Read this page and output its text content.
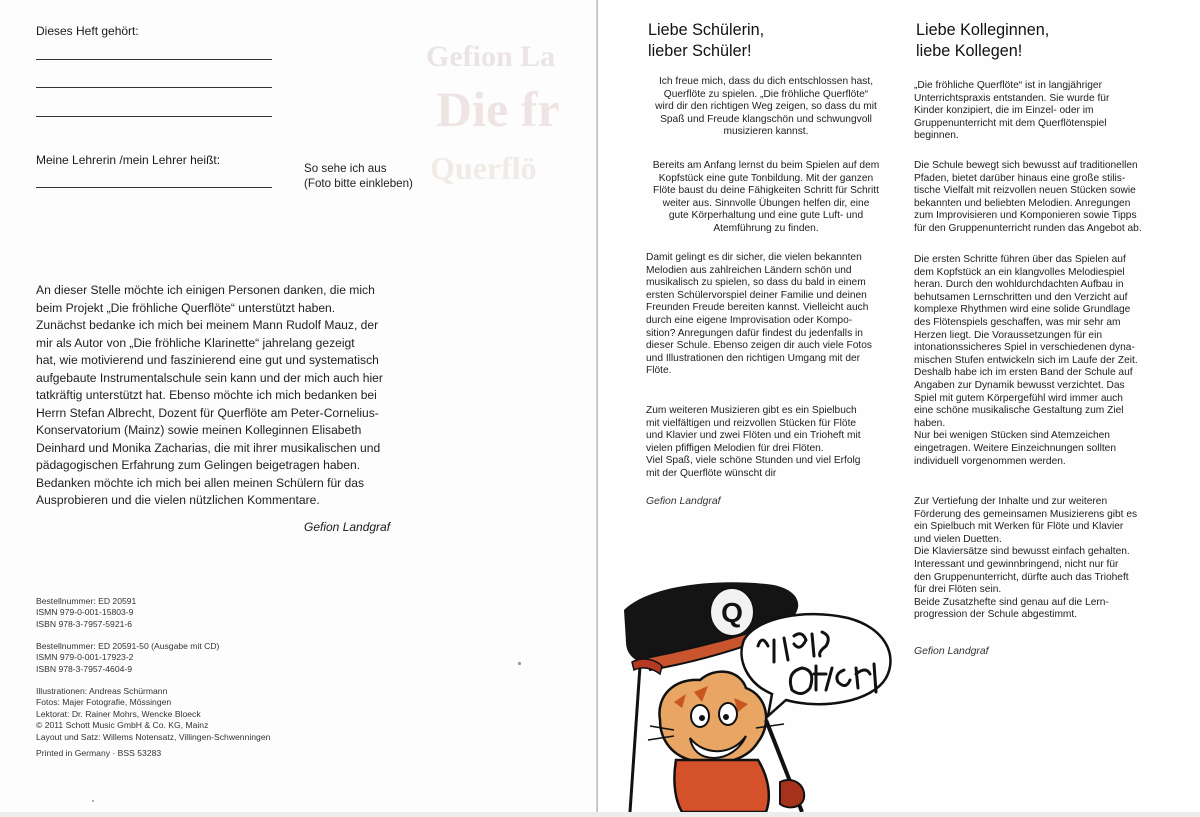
Dieses Heft gehört:
Meine Lehrerin /mein Lehrer heißt:
So sehe ich aus
(Foto bitte einkleben)
Gefion La
Die fr
Querflö

An dieser Stelle möchte ich einigen Personen danken, die mich
beim Projekt „Die fröhliche Querflöte“ unterstützt haben.
Zunächst bedanke ich mich bei meinem Mann Rudolf Mauz, der
mir als Autor von „Die fröhliche Klarinette“ jahrelang gezeigt
hat, wie motivierend und faszinierend eine gut und systematisch
aufgebaute Instrumentalschule sein kann und der mich auch hier
tatkräftig unterstützt hat. Ebenso möchte ich mich bedanken bei
Herrn Stefan Albrecht, Dozent für Querflöte am Peter-Cornelius-
Konservatorium (Mainz) sowie meinen Kolleginnen Elisabeth
Deinhard und Monika Zacharias, die mit ihrer musikalischen und
pädagogischen Erfahrung zum Gelingen beigetragen haben.
Bedanken möchte ich mich bei allen meinen Schülern für das
Ausprobieren und die vielen nützlichen Kommentare.

Gefion Landgraf

Bestellnummer: ED 20591
ISMN 979-0-001-15803-9
ISBN 978-3-7957-5921-6

Bestellnummer: ED 20591-50 (Ausgabe mit CD)
ISMN 979-0-001-17923-2
ISBN 978-3-7957-4604-9

Illustrationen: Andreas Schürmann
Fotos: Majer Fotografie, Mössingen
Lektorat: Dr. Rainer Mohrs, Wencke Bloeck
© 2011 Schott Music GmbH & Co. KG, Mainz
Layout und Satz: Willems Notensatz, Villingen-Schwenningen

Printed in Germany · BSS 53283

Liebe Schülerin,
lieber Schüler!

Ich freue mich, dass du dich entschlossen hast,
Querflöte zu spielen. „Die fröhliche Querflöte“
wird dir den richtigen Weg zeigen, so dass du mit
Spaß und Freude klangschön und schwungvoll
musizieren kannst.

Bereits am Anfang lernst du beim Spielen auf dem
Kopfstück eine gute Tonbildung. Mit der ganzen
Flöte baust du deine Fähigkeiten Schritt für Schritt
weiter aus. Sinnvolle Übungen helfen dir, eine
gute Körperhaltung und eine gute Luft- und
Atemführung zu finden.

Damit gelingt es dir sicher, die vielen bekannten
Melodien aus zahlreichen Ländern schön und
musikalisch zu spielen, so dass du bald in einem
ersten Schülervorspiel deiner Familie und deinen
Freunden Freude bereiten kannst. Vielleicht auch
durch eine eigene Improvisation oder Kompo-
sition? Anregungen dafür findest du jedenfalls in
dieser Schule. Ebenso zeigen dir auch viele Fotos
und Illustrationen den richtigen Umgang mit der
Flöte.

Zum weiteren Musizieren gibt es ein Spielbuch
mit vielfältigen und reizvollen Stücken für Flöte
und Klavier und zwei Flöten und ein Trioheft mit
vielen pfiffigen Melodien für drei Flöten.
Viel Spaß, viele schöne Stunden und viel Erfolg
mit der Querflöte wünscht dir

Gefion Landgraf
Liebe Kolleginnen,
liebe Kollegen!

„Die fröhliche Querflöte“ ist in langjähriger
Unterrichtspraxis entstanden. Sie wurde für
Kinder konzipiert, die im Einzel- oder im
Gruppenunterricht mit dem Querflötenspiel
beginnen.

Die Schule bewegt sich bewusst auf traditionellen
Pfaden, bietet darüber hinaus eine große stilis-
tische Vielfalt mit reizvollen neuen Stücken sowie
bekannten und beliebten Melodien. Anregungen
zum Improvisieren und Komponieren sowie Tipps
für den Gruppenunterricht runden das Angebot ab.

Die ersten Schritte führen über das Spielen auf
dem Kopfstück an ein klangvolles Melodiespiel
heran. Durch den wohldurchdachten Aufbau in
behutsamen Lernschritten und den Verzicht auf
komplexe Rhythmen wird eine solide Grundlage
des Flötenspiels geschaffen, was mir sehr am
Herzen liegt. Die Voraussetzungen für ein
intonationssicheres Spiel in verschiedenen dyna-
mischen Stufen entwickeln sich im Laufe der Zeit.
Deshalb habe ich im ersten Band der Schule auf
Angaben zur Dynamik bewusst verzichtet. Das
Spiel mit gutem Körpergefühl wird immer auch
eine schöne musikalische Gestaltung zum Ziel
haben.
Nur bei wenigen Stücken sind Atemzeichen
eingetragen. Weitere Einzeichnungen sollten
individuell vorgenommen werden.

Zur Vertiefung der Inhalte und zur weiteren
Förderung des gemeinsamen Musizierens gibt es
ein Spielbuch mit Werken für Flöte und Klavier
und vielen Duetten.
Die Klaviersätze sind bewusst einfach gehalten.
Interessant und gewinnbringend, nicht nur für
den Gruppenunterricht, dürfte auch das Trioheft
für drei Flöten sein.
Beide Zusatzhefte sind genau auf die Lern-
progression der Schule abgestimmt.

Gefion Landgraf
Q
